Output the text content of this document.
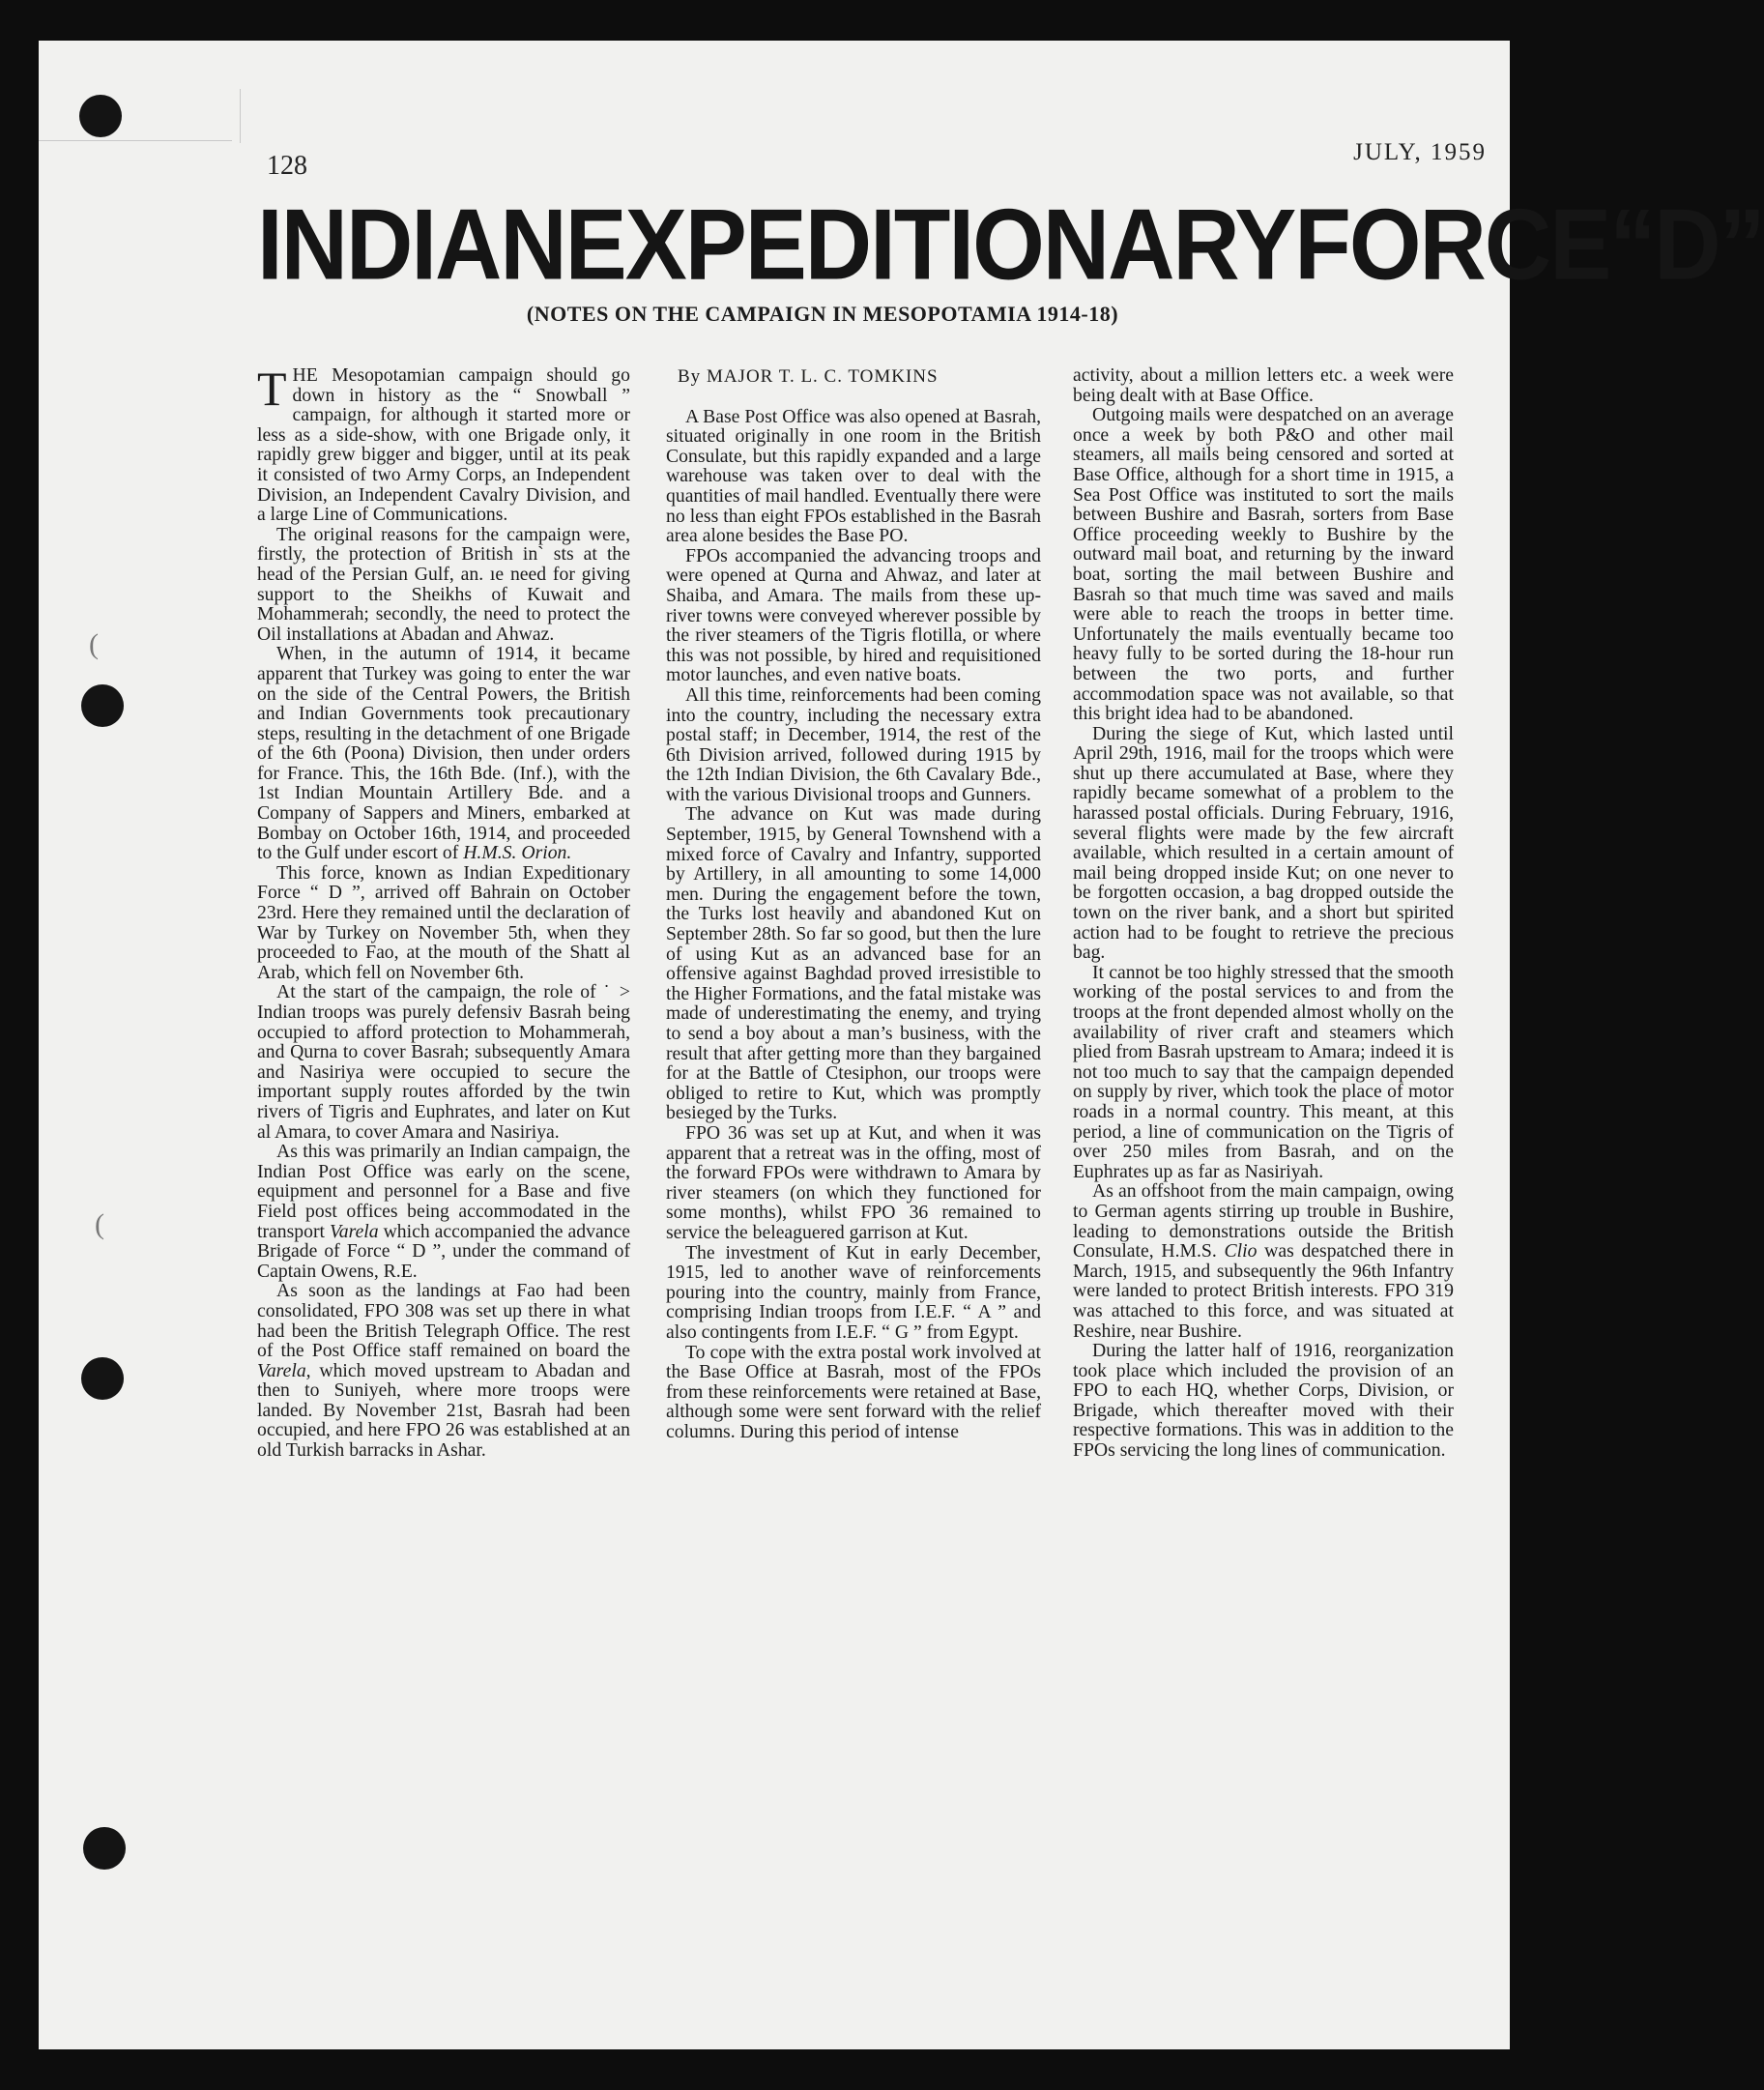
(
(
128	JULY, 1959
INDIAN EXPEDITIONARY FORCE “D”
(NOTES ON THE CAMPAIGN IN MESOPOTAMIA 1914-18)

THE Mesopotamian campaign should go down in history as the “ Snowball ” campaign, for although it started more or less as a side-show, with one Brigade only, it rapidly grew bigger and bigger, until at its peak it consisted of two Army Corps, an Independent Division, an Independent Cavalry Division, and a large Line of Communications.

The original reasons for the campaign were, firstly, the protection of British in⁠` sts at the head of the Persian Gulf, an. ıe need for giving support to the Sheikhs of Kuwait and Mohammerah; secondly, the need to protect the Oil installations at Abadan and Ahwaz.

When, in the autumn of 1914, it became apparent that Turkey was going to enter the war on the side of the Central Powers, the British and Indian Governments took precautionary steps, resulting in the detachment of one Brigade of the 6th (Poona) Division, then under orders for France. This, the 16th Bde. (Inf.), with the 1st Indian Mountain Artillery Bde. and a Company of Sappers and Miners, embarked at Bombay on October 16th, 1914, and proceeded to the Gulf under escort of H.M.S. Orion.

This force, known as Indian Expeditionary Force “ D ”, arrived off Bahrain on October 23rd. Here they remained until the declaration of War by Turkey on November 5th, when they proceeded to Fao, at the mouth of the Shatt al Arab, which fell on November 6th.

At the start of the campaign, the role of ˙ ˃ Indian troops was purely defensiv Basrah being occupied to afford protection to Mohammerah, and Qurna to cover Basrah; subsequently Amara and Nasiriya were occupied to secure the important supply routes afforded by the twin rivers of Tigris and Euphrates, and later on Kut al Amara, to cover Amara and Nasiriya.

As this was primarily an Indian campaign, the Indian Post Office was early on the scene, equipment and personnel for a Base and five Field post offices being accommodated in the transport Varela which accompanied the advance Brigade of Force “ D ”, under the command of Captain Owens, R.E.

As soon as the landings at Fao had been consolidated, FPO 308 was set up there in what had been the British Telegraph Office. The rest of the Post Office staff remained on board the Varela, which moved upstream to Abadan and then to Suniyeh, where more troops were landed. By November 21st, Basrah had been occupied, and here FPO 26 was established at an old Turkish barracks in Ashar.

By MAJOR T. L. C. TOMKINS

A Base Post Office was also opened at Basrah, situated originally in one room in the British Consulate, but this rapidly expanded and a large warehouse was taken over to deal with the quantities of mail handled. Eventually there were no less than eight FPOs established in the Basrah area alone besides the Base PO.

FPOs accompanied the advancing troops and were opened at Qurna and Ahwaz, and later at Shaiba, and Amara. The mails from these up-river towns were conveyed wherever possible by the river steamers of the Tigris flotilla, or where this was not possible, by hired and requisitioned motor launches, and even native boats.

All this time, reinforcements had been coming into the country, including the necessary extra postal staff; in December, 1914, the rest of the 6th Division arrived, followed during 1915 by the 12th Indian Division, the 6th Cavalary Bde., with the various Divisional troops and Gunners.

The advance on Kut was made during September, 1915, by General Townshend with a mixed force of Cavalry and Infantry, supported by Artillery, in all amounting to some 14,000 men. During the engagement before the town, the Turks lost heavily and abandoned Kut on September 28th. So far so good, but then the lure of using Kut as an advanced base for an offensive against Baghdad proved irresistible to the Higher Formations, and the fatal mistake was made of underestimating the enemy, and trying to send a boy about a man’s business, with the result that after getting more than they bargained for at the Battle of Ctesiphon, our troops were obliged to retire to Kut, which was promptly besieged by the Turks.

FPO 36 was set up at Kut, and when it was apparent that a retreat was in the offing, most of the forward FPOs were withdrawn to Amara by river steamers (on which they functioned for some months), whilst FPO 36 remained to service the beleaguered garrison at Kut.

The investment of Kut in early December, 1915, led to another wave of reinforcements pouring into the country, mainly from France, comprising Indian troops from I.E.F. “ A ” and also contingents from I.E.F. “ G ” from Egypt.

To cope with the extra postal work involved at the Base Office at Basrah, most of the FPOs from these reinforcements were retained at Base, although some were sent forward with the relief columns. During this period of intense

activity, about a million letters etc. a week were being dealt with at Base Office.

Outgoing mails were despatched on an average once a week by both P&O and other mail steamers, all mails being censored and sorted at Base Office, although for a short time in 1915, a Sea Post Office was instituted to sort the mails between Bushire and Basrah, sorters from Base Office proceeding weekly to Bushire by the outward mail boat, and returning by the inward boat, sorting the mail between Bushire and Basrah so that much time was saved and mails were able to reach the troops in better time. Unfortunately the mails eventually became too heavy fully to be sorted during the 18-hour run between the two ports, and further accommodation space was not available, so that this bright idea had to be abandoned.

During the siege of Kut, which lasted until April 29th, 1916, mail for the troops which were shut up there accumulated at Base, where they rapidly became somewhat of a problem to the harassed postal officials. During February, 1916, several flights were made by the few aircraft available, which resulted in a certain amount of mail being dropped inside Kut; on one never to be forgotten occasion, a bag dropped outside the town on the river bank, and a short but spirited action had to be fought to retrieve the precious bag.

It cannot be too highly stressed that the smooth working of the postal services to and from the troops at the front depended almost wholly on the availability of river craft and steamers which plied from Basrah upstream to Amara; indeed it is not too much to say that the campaign depended on supply by river, which took the place of motor roads in a normal country. This meant, at this period, a line of communication on the Tigris of over 250 miles from Basrah, and on the Euphrates up as far as Nasiriyah.

As an offshoot from the main campaign, owing to German agents stirring up trouble in Bushire, leading to demonstrations outside the British Consulate, H.M.S. Clio was despatched there in March, 1915, and subsequently the 96th Infantry were landed to protect British interests. FPO 319 was attached to this force, and was situated at Reshire, near Bushire.

During the latter half of 1916, reorganization took place which included the provision of an FPO to each HQ, whether Corps, Division, or Brigade, which thereafter moved with their respective formations. This was in addition to the FPOs servicing the long lines of communication.
